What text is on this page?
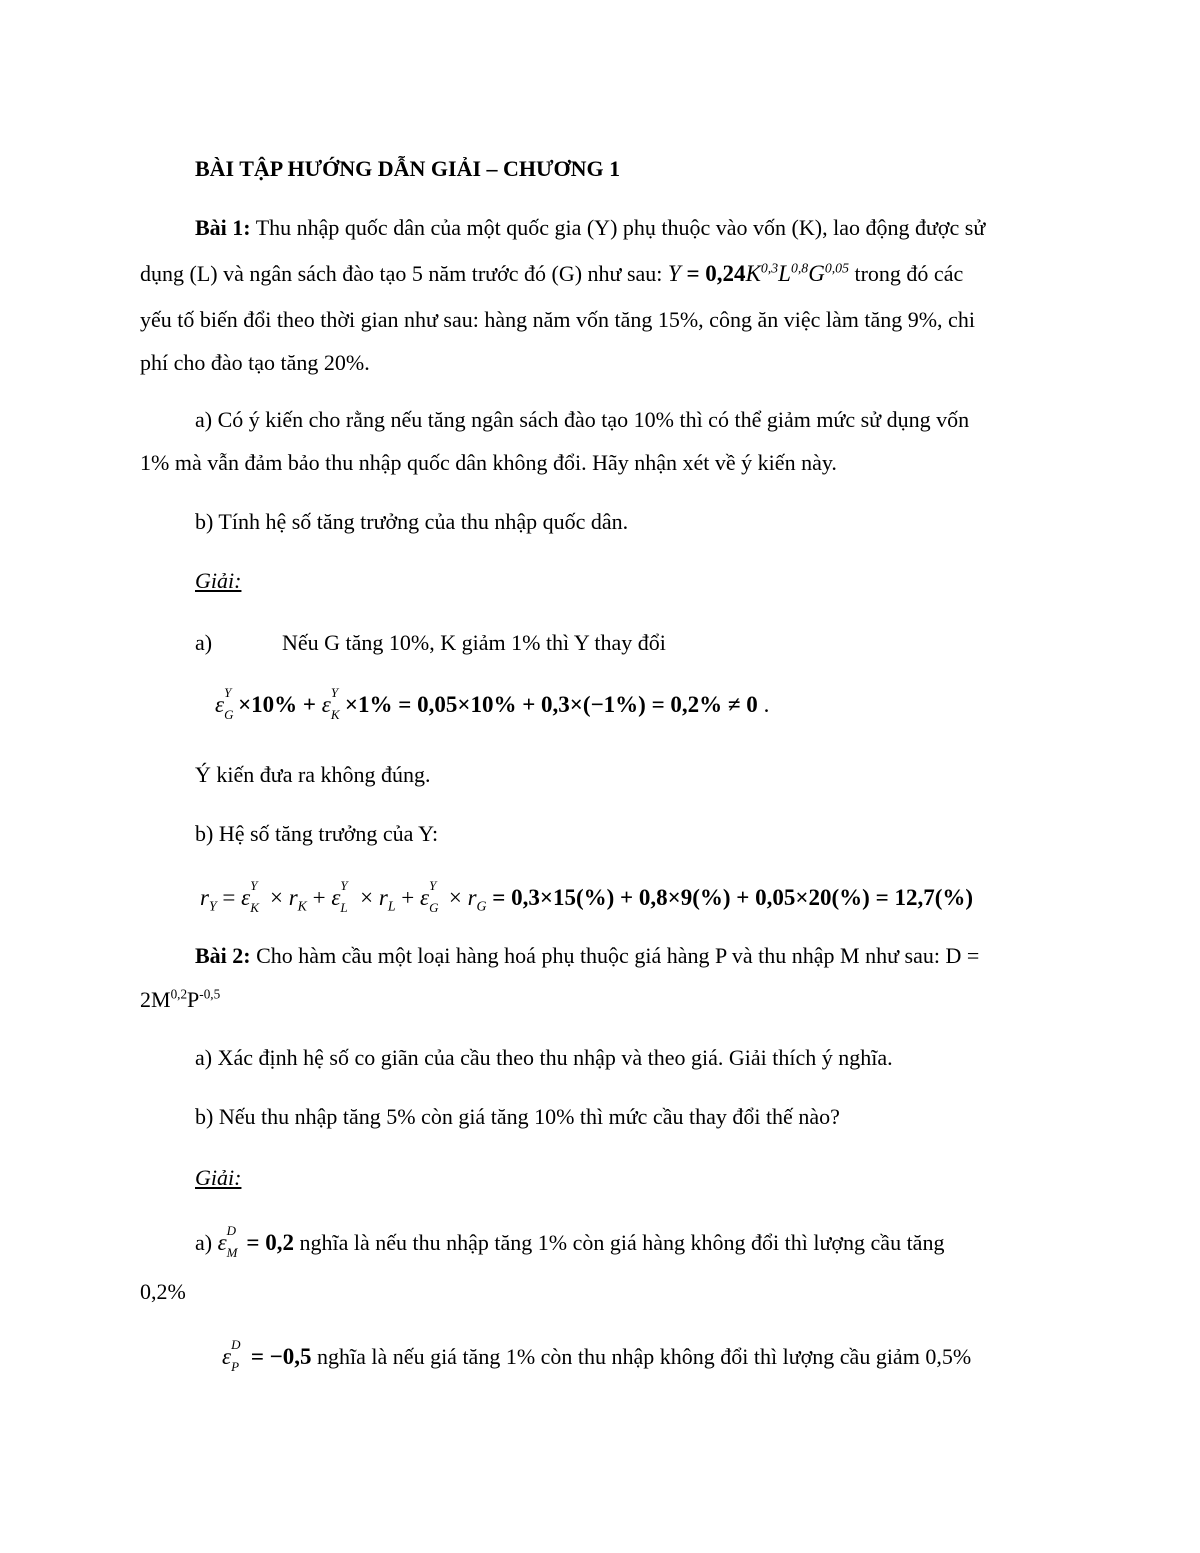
BÀI TẬP HƯỚNG DẪN GIẢI – CHƯƠNG 1
Bài 1: Thu nhập quốc dân của một quốc gia (Y) phụ thuộc vào vốn (K), lao động được sử
dụng (L) và ngân sách đào tạo 5 năm trước đó (G) như sau: $Y = 0,24K^{0,3}L^{0,8}G^{0,05}$ trong đó các
yếu tố biến đổi theo thời gian như sau: hàng năm vốn tăng 15%, công ăn việc làm tăng 9%, chi
phí cho đào tạo tăng 20%.
a) Có ý kiến cho rằng nếu tăng ngân sách đào tạo 10% thì có thể giảm mức sử dụng vốn
1% mà vẫn đảm bảo thu nhập quốc dân không đổi. Hãy nhận xét về ý kiến này.
b) Tính hệ số tăng trưởng của thu nhập quốc dân.
Giải:
a)	Nếu G tăng 10%, K giảm 1% thì Y thay đổi
ε Y
G ×10% + ε Y
K ×1% = 0,05×10% + 0,3×(−1%) = 0,2% ≠ 0 .
Ý kiến đưa ra không đúng.
b) Hệ số tăng trưởng của Y:
$r_Y = \varepsilon$ Y
$K \times r_K + \varepsilon$ Y
$L \times r_L + \varepsilon$ Y
$G \times r_G = 0,3\times 15(\%) + 0,8\times 9(\%) + 0,05\times 20(\%) = 12,7(\%)$
Bài 2: Cho hàm cầu một loại hàng hoá phụ thuộc giá hàng P và thu nhập M như sau: D =
$2M^{0,2}P^{-0,5}$
a) Xác định hệ số co giãn của cầu theo thu nhập và theo giá. Giải thích ý nghĩa.
b) Nếu thu nhập tăng 5% còn giá tăng 10% thì mức cầu thay đổi thế nào?
Giải:
a) ε D
M = 0,2 nghĩa là nếu thu nhập tăng 1% còn giá hàng không đổi thì lượng cầu tăng
0,2%
ε D
P = −0,5 nghĩa là nếu giá tăng 1% còn thu nhập không đổi thì lượng cầu giảm 0,5%
